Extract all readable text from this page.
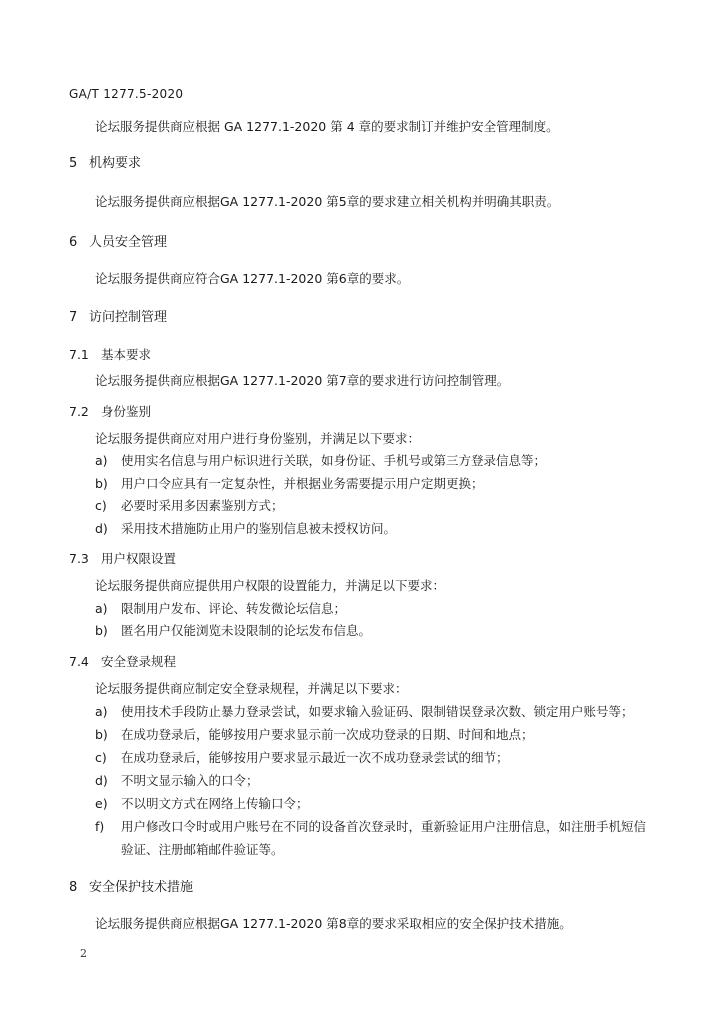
GA/T 1277.5-2020
论坛服务提供商应根据 GA 1277.1-2020 第 4 章的要求制订并维护安全管理制度。
5 机构要求
论坛服务提供商应根据GA 1277.1-2020 第5章的要求建立相关机构并明确其职责。
6 人员安全管理
论坛服务提供商应符合GA 1277.1-2020 第6章的要求。
7 访问控制管理
7.1 基本要求
论坛服务提供商应根据GA 1277.1-2020 第7章的要求进行访问控制管理。
7.2 身份鉴别
论坛服务提供商应对用户进行身份鉴别，并满足以下要求：
a) 使用实名信息与用户标识进行关联，如身份证、手机号或第三方登录信息等；
b) 用户口令应具有一定复杂性，并根据业务需要提示用户定期更换；
c) 必要时采用多因素鉴别方式；
d) 采用技术措施防止用户的鉴别信息被未授权访问。
7.3 用户权限设置
论坛服务提供商应提供用户权限的设置能力，并满足以下要求：
a) 限制用户发布、评论、转发微论坛信息；
b) 匿名用户仅能浏览未设限制的论坛发布信息。
7.4 安全登录规程
论坛服务提供商应制定安全登录规程，并满足以下要求：
a) 使用技术手段防止暴力登录尝试，如要求输入验证码、限制错误登录次数、锁定用户账号等；
b) 在成功登录后，能够按用户要求显示前一次成功登录的日期、时间和地点；
c) 在成功登录后，能够按用户要求显示最近一次不成功登录尝试的细节；
d) 不明文显示输入的口令；
e) 不以明文方式在网络上传输口令；
f) 用户修改口令时或用户账号在不同的设备首次登录时，重新验证用户注册信息，如注册手机短信
验证、注册邮箱邮件验证等。
8 安全保护技术措施
论坛服务提供商应根据GA 1277.1-2020 第8章的要求采取相应的安全保护技术措施。
2
